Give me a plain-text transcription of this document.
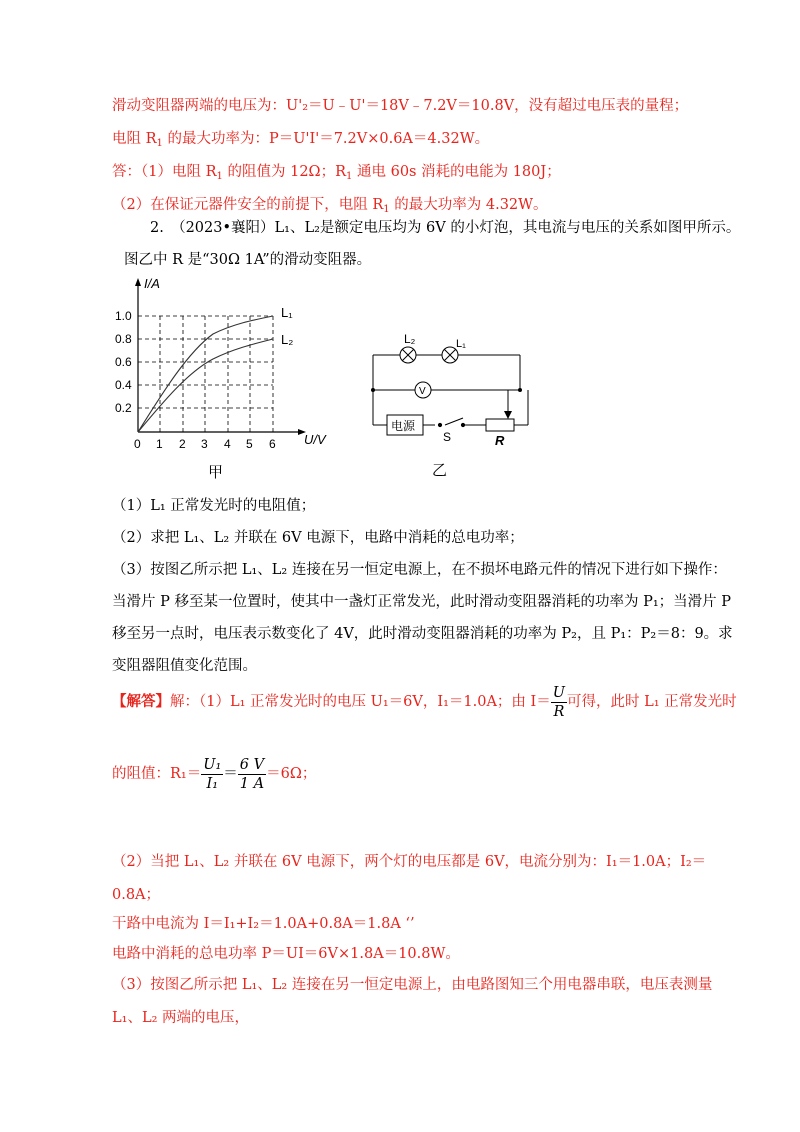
滑动变阻器两端的电压为：U'₂＝U﹣U'＝18V﹣7.2V＝10.8V，没有超过电压表的量程；
电阻 $R_1$ 的最大功率为：P＝U'I'＝7.2V×0.6A＝4.32W。
答：（1）电阻 $R_1$ 的阻值为 12Ω；$R_1$ 通电 60s 消耗的电能为 180J；
（2）在保证元器件安全的前提下，电阻 $R_1$ 的最大功率为 4.32W。
2.　（2023•襄阳）L₁、L₂是额定电压均为 6V 的小灯泡，其电流与电压的关系如图甲所示。
图乙中 R 是“30Ω 1A”的滑动变阻器。
I/A
1.0
0.8
0.6
0.4
0.2
0 1 2 3 4 5 6 U/V
L₁
L₂
甲
L₂	L₁
V
电源
S	R
乙
（1）L₁ 正常发光时的电阻值；
（2）求把 L₁、L₂ 并联在 6V 电源下，电路中消耗的总电功率；
（3）按图乙所示把 L₁、L₂ 连接在另一恒定电源上，在不损坏电路元件的情况下进行如下操作：
当滑片 P 移至某一位置时，使其中一盏灯正常发光，此时滑动变阻器消耗的功率为 P₁；当滑片 P
移至另一点时，电压表示数变化了 4V，此时滑动变阻器消耗的功率为 P₂，且 P₁：P₂＝8：9。求
变阻器阻值变化范围。
【解答】解：（1）L₁ 正常发光时的电压 U₁＝6V，I₁＝1.0A；由 $I= \frac{U}{R}$ 可得，此时 L₁ 正常发光时
的阻值：$R_1= \frac{\text{U₁}}{\text{I₁}} = \frac{6 V}{1 A} =6\Omega$；
（2）当把 L₁、L₂ 并联在 6V 电源下，两个灯的电压都是 6V，电流分别为：I₁＝1.0A；I₂＝
0.8A；
干路中电流为 I＝I₁+I₂＝1.0A+0.8A＝1.8A ‘’
电路中消耗的总电功率 P＝UI＝6V×1.8A＝10.8W。
（3）按图乙所示把 L₁、L₂ 连接在另一恒定电源上，由电路图知三个用电器串联，电压表测量
L₁、L₂ 两端的电压，
